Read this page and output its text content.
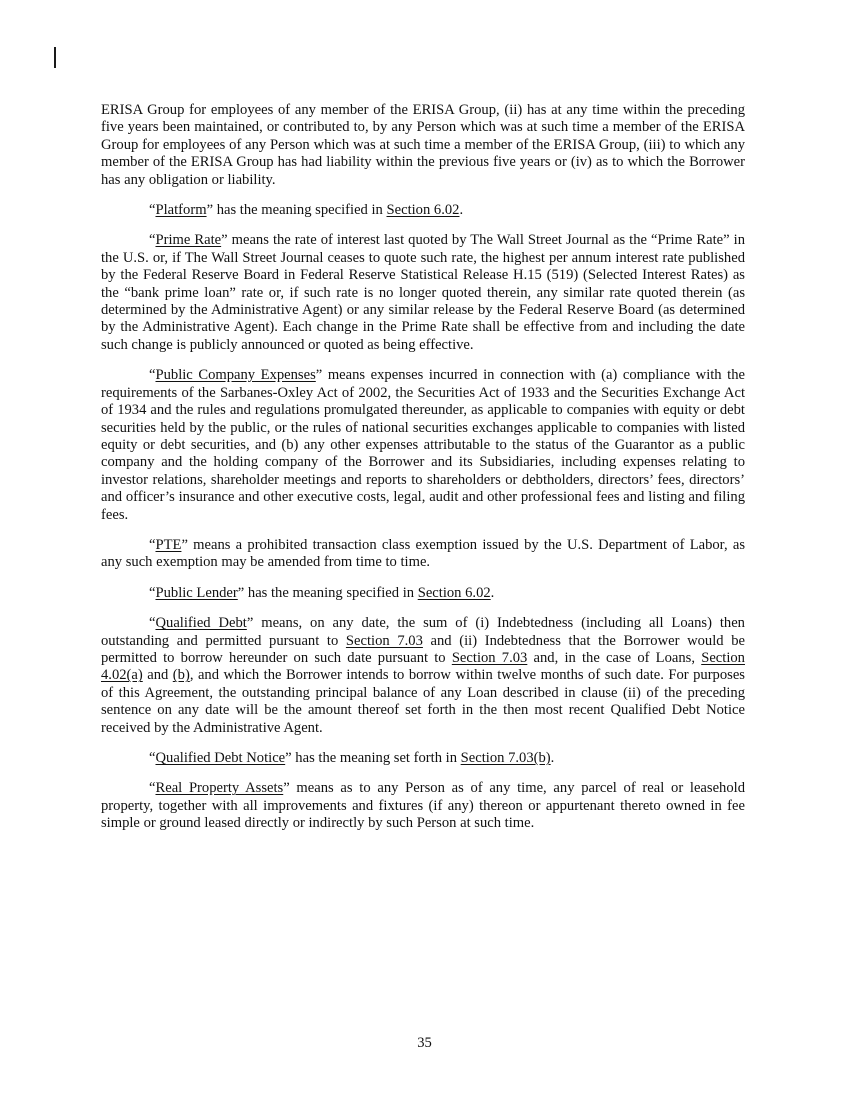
ERISA Group for employees of any member of the ERISA Group, (ii) has at any time within the preceding five years been maintained, or contributed to, by any Person which was at such time a member of the ERISA Group for employees of any Person which was at such time a member of the ERISA Group, (iii) to which any member of the ERISA Group has had liability within the previous five years or (iv) as to which the Borrower has any obligation or liability.

“Platform” has the meaning specified in Section 6.02.

“Prime Rate” means the rate of interest last quoted by The Wall Street Journal as the “Prime Rate” in the U.S. or, if The Wall Street Journal ceases to quote such rate, the highest per annum interest rate published by the Federal Reserve Board in Federal Reserve Statistical Release H.15 (519) (Selected Interest Rates) as the “bank prime loan” rate or, if such rate is no longer quoted therein, any similar rate quoted therein (as determined by the Administrative Agent) or any similar release by the Federal Reserve Board (as determined by the Administrative Agent). Each change in the Prime Rate shall be effective from and including the date such change is publicly announced or quoted as being effective.

“Public Company Expenses” means expenses incurred in connection with (a) compliance with the requirements of the Sarbanes-Oxley Act of 2002, the Securities Act of 1933 and the Securities Exchange Act of 1934 and the rules and regulations promulgated thereunder, as applicable to companies with equity or debt securities held by the public, or the rules of national securities exchanges applicable to companies with listed equity or debt securities, and (b) any other expenses attributable to the status of the Guarantor as a public company and the holding company of the Borrower and its Subsidiaries, including expenses relating to investor relations, shareholder meetings and reports to shareholders or debtholders, directors’ fees, directors’ and officer’s insurance and other executive costs, legal, audit and other professional fees and listing and filing fees.

“PTE” means a prohibited transaction class exemption issued by the U.S. Department of Labor, as any such exemption may be amended from time to time.

“Public Lender” has the meaning specified in Section 6.02.

“Qualified Debt” means, on any date, the sum of (i) Indebtedness (including all Loans) then outstanding and permitted pursuant to Section 7.03 and (ii) Indebtedness that the Borrower would be permitted to borrow hereunder on such date pursuant to Section 7.03 and, in the case of Loans, Section 4.02(a) and (b), and which the Borrower intends to borrow within twelve months of such date. For purposes of this Agreement, the outstanding principal balance of any Loan described in clause (ii) of the preceding sentence on any date will be the amount thereof set forth in the then most recent Qualified Debt Notice received by the Administrative Agent.

“Qualified Debt Notice” has the meaning set forth in Section 7.03(b).

“Real Property Assets” means as to any Person as of any time, any parcel of real or leasehold property, together with all improvements and fixtures (if any) thereon or appurtenant thereto owned in fee simple or ground leased directly or indirectly by such Person at such time.

35
